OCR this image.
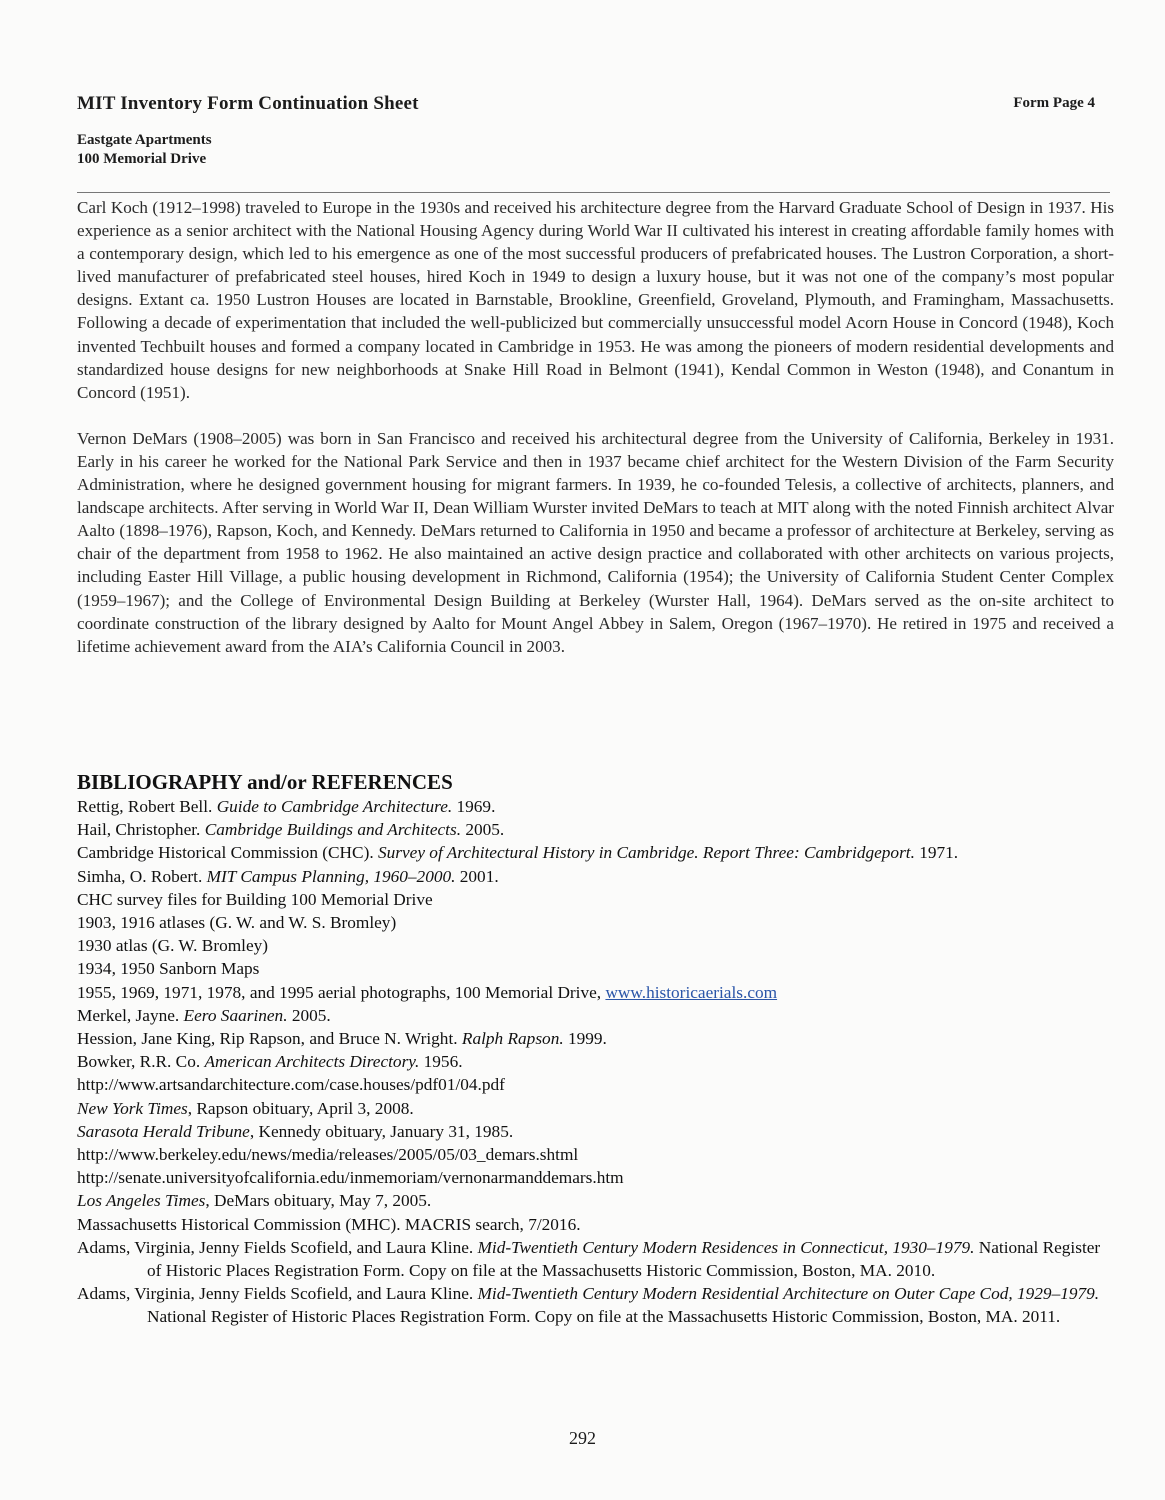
MIT Inventory Form Continuation Sheet	Form Page 4
Eastgate Apartments
100 Memorial Drive

Carl Koch (1912–1998) traveled to Europe in the 1930s and received his architecture degree from the Harvard Graduate School of Design in 1937. His experience as a senior architect with the National Housing Agency during World War II cultivated his interest in creating affordable family homes with a contemporary design, which led to his emergence as one of the most successful producers of prefabricated houses. The Lustron Corporation, a short-lived manufacturer of prefabricated steel houses, hired Koch in 1949 to design a luxury house, but it was not one of the company’s most popular designs. Extant ca. 1950 Lustron Houses are located in Barnstable, Brookline, Greenfield, Groveland, Plymouth, and Framingham, Massachusetts. Following a decade of experimentation that included the well-publicized but commercially unsuccessful model Acorn House in Concord (1948), Koch invented Techbuilt houses and formed a company located in Cambridge in 1953. He was among the pioneers of modern residential developments and standardized house designs for new neighborhoods at Snake Hill Road in Belmont (1941), Kendal Common in Weston (1948), and Conantum in Concord (1951).

Vernon DeMars (1908–2005) was born in San Francisco and received his architectural degree from the University of California, Berkeley in 1931. Early in his career he worked for the National Park Service and then in 1937 became chief architect for the Western Division of the Farm Security Administration, where he designed government housing for migrant farmers. In 1939, he co-founded Telesis, a collective of architects, planners, and landscape architects. After serving in World War II, Dean William Wurster invited DeMars to teach at MIT along with the noted Finnish architect Alvar Aalto (1898–1976), Rapson, Koch, and Kennedy. DeMars returned to California in 1950 and became a professor of architecture at Berkeley, serving as chair of the department from 1958 to 1962. He also maintained an active design practice and collaborated with other architects on various projects, including Easter Hill Village, a public housing development in Richmond, California (1954); the University of California Student Center Complex (1959–1967); and the College of Environmental Design Building at Berkeley (Wurster Hall, 1964). DeMars served as the on-site architect to coordinate construction of the library designed by Aalto for Mount Angel Abbey in Salem, Oregon (1967–1970). He retired in 1975 and received a lifetime achievement award from the AIA’s California Council in 2003.

BIBLIOGRAPHY and/or REFERENCES
Rettig, Robert Bell. Guide to Cambridge Architecture. 1969.
Hail, Christopher. Cambridge Buildings and Architects. 2005.
Cambridge Historical Commission (CHC). Survey of Architectural History in Cambridge. Report Three: Cambridgeport. 1971.
Simha, O. Robert. MIT Campus Planning, 1960–2000. 2001.
CHC survey files for Building 100 Memorial Drive
1903, 1916 atlases (G. W. and W. S. Bromley)
1930 atlas (G. W. Bromley)
1934, 1950 Sanborn Maps
1955, 1969, 1971, 1978, and 1995 aerial photographs, 100 Memorial Drive, www.historicaerials.com
Merkel, Jayne. Eero Saarinen. 2005.
Hession, Jane King, Rip Rapson, and Bruce N. Wright. Ralph Rapson. 1999.
Bowker, R.R. Co. American Architects Directory. 1956.
http://www.artsandarchitecture.com/case.houses/pdf01/04.pdf
New York Times, Rapson obituary, April 3, 2008.
Sarasota Herald Tribune, Kennedy obituary, January 31, 1985.
http://www.berkeley.edu/news/media/releases/2005/05/03_demars.shtml
http://senate.universityofcalifornia.edu/inmemoriam/vernonarmanddemars.htm
Los Angeles Times, DeMars obituary, May 7, 2005.
Massachusetts Historical Commission (MHC). MACRIS search, 7/2016.
Adams, Virginia, Jenny Fields Scofield, and Laura Kline. Mid-Twentieth Century Modern Residences in Connecticut, 1930–1979. National Register of Historic Places Registration Form. Copy on file at the Massachusetts Historic Commission, Boston, MA. 2010.
Adams, Virginia, Jenny Fields Scofield, and Laura Kline. Mid-Twentieth Century Modern Residential Architecture on Outer Cape Cod, 1929–1979. National Register of Historic Places Registration Form. Copy on file at the Massachusetts Historic Commission, Boston, MA. 2011.
292
